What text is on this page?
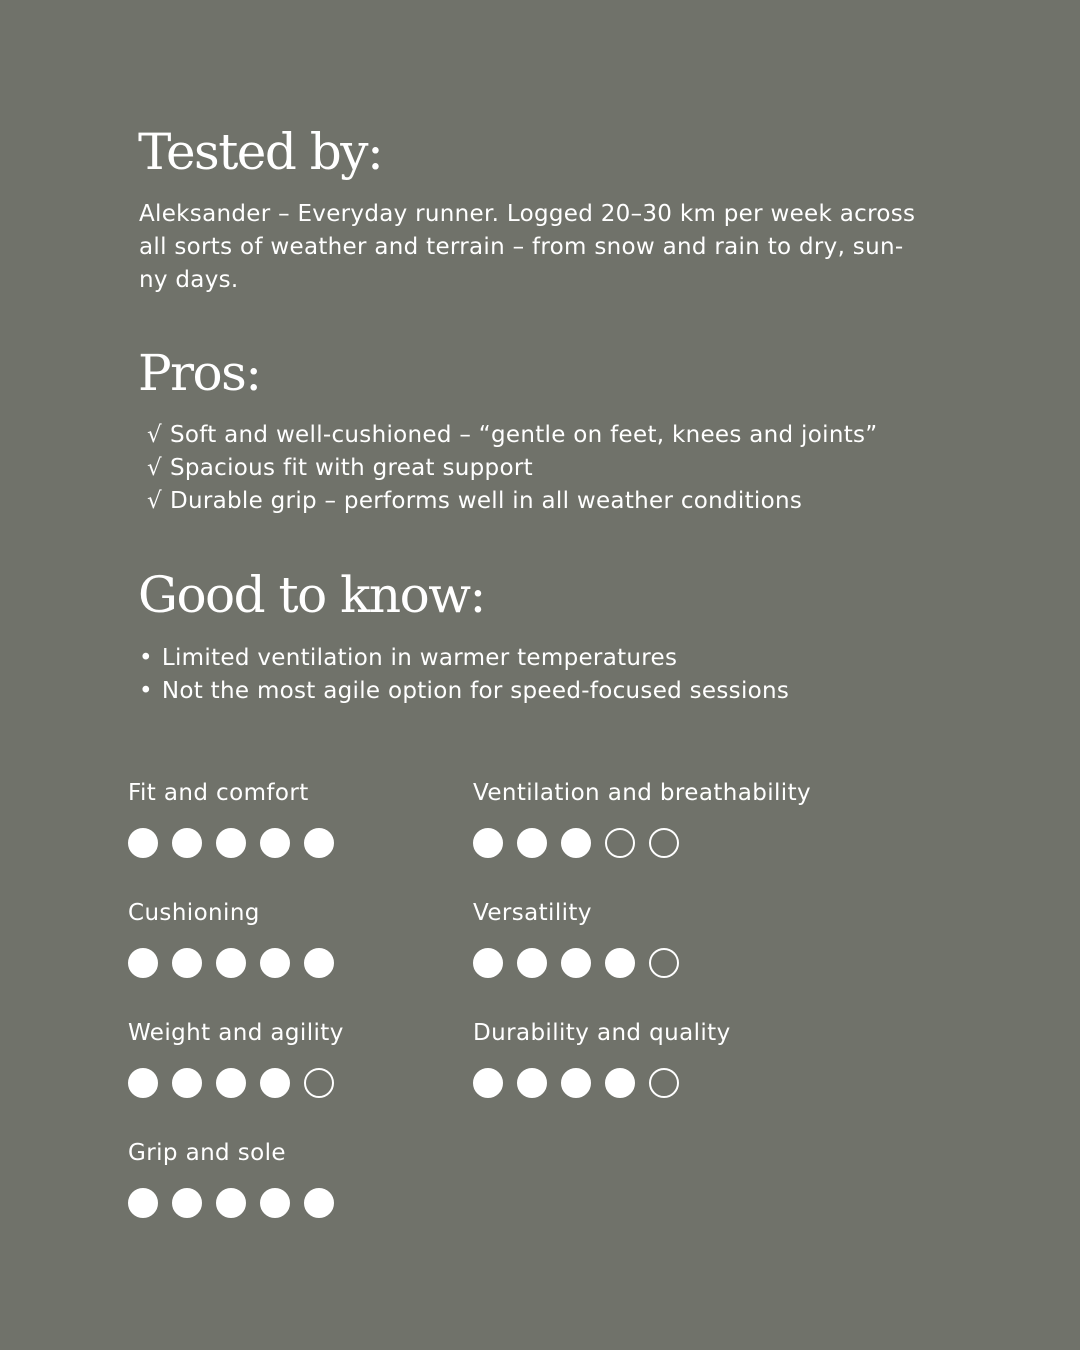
Tested by:

Aleksander – Everyday runner. Logged 20–30 km per week across
all sorts of weather and terrain – from snow and rain to dry, sun-
ny days.

Pros:
√ Soft and well-cushioned – “gentle on feet, knees and joints”
√ Spacious fit with great support
√ Durable grip – performs well in all weather conditions
Good to know:
• Limited ventilation in warmer temperatures
• Not the most agile option for speed-focused sessions
Fit and comfort	Ventilation and breathability
Cushioning	Versatility
Weight and agility	Durability and quality
Grip and sole
